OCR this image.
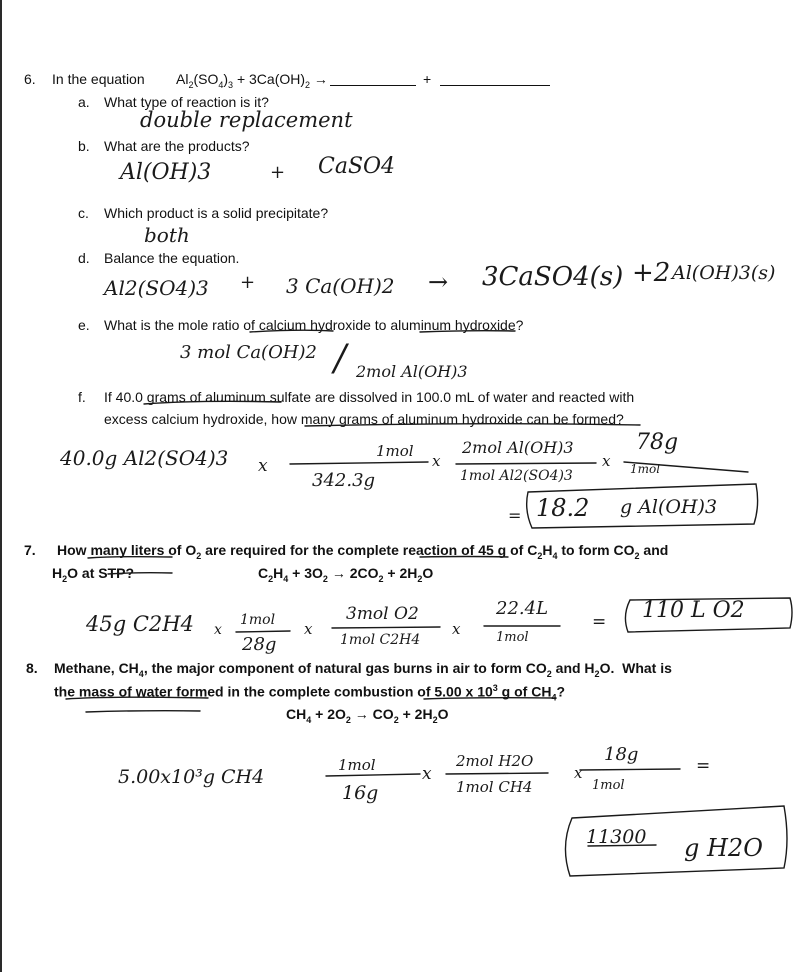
6. In the equation $Al_2(SO_4)_3 + 3Ca(OH)_2$ →	+
a. What type of reaction is it?
double replacement
b. What are the products?
Al(OH)3	+ CaSO4
c. Which product is a solid precipitate?
both
d. Balance the equation.
Al2(SO4)3 + 3 Ca(OH)2 → 3CaSO4(s) +2 Al(OH)3(s)
e. What is the mole ratio of calcium hydroxide to aluminum hydroxide?
3 mol Ca(OH)2 / 2mol Al(OH)3
f. If 40.0 grams of aluminum sulfate are dissolved in 100.0 mL of water and reacted with
excess calcium hydroxide, how many grams of aluminum hydroxide can be formed?
40.0g Al2(SO4)3 x
1mol
342.3g
x
2mol Al(OH)3
1mol Al2(SO4)3
x
78g
1mol
= 18.2 g Al(OH)3
7. How many liters of $O_2$ are required for the complete reaction of 45 g of $C_2H_4$ to form $CO_2$ and
$H_2O$ at STP?	$C_2H_4 + 3O_2 \to 2CO_2 + 2H_2O$
45g C2H4 x
1mol
28g
x
3mol O2
1mol C2H4
x
22.4L
1mol
= 110 L O2
8. Methane, $CH_4$, the major component of natural gas burns in air to form $CO_2$ and $H_2O$.  What is
the mass of water formed in the complete combustion of 5.00 x $10^3$ g of $CH_4$?
$CH_4 + 2O_2 \to CO_2 + 2H_2O$
5.00x10³g CH4
1mol
16g
x
2mol H2O
1mol CH4
x
18g
1mol
=
11300 g H2O
